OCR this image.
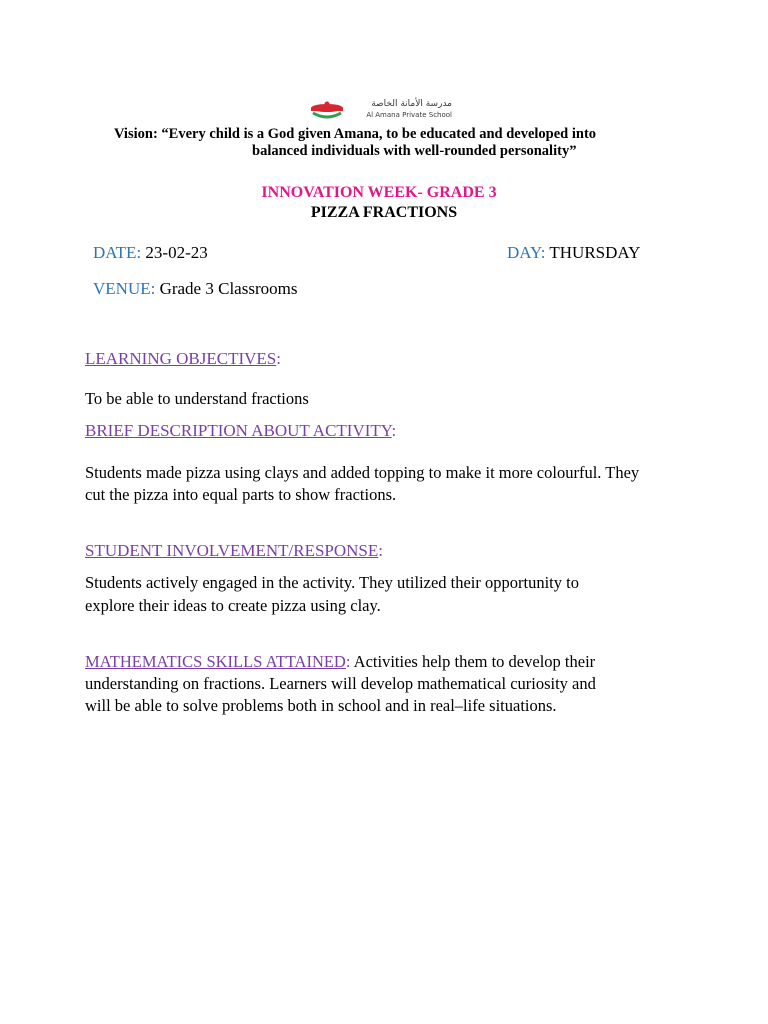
مدرسة الأمانة الخاصة
Al Amana Private School
Vision: “Every child is a God given Amana, to be educated and developed into
balanced individuals with well-rounded personality”
INNOVATION WEEK- GRADE 3
PIZZA FRACTIONS
DATE: 23-02-23	DAY: THURSDAY
VENUE: Grade 3 Classrooms
LEARNING OBJECTIVES:
To be able to understand fractions
BRIEF DESCRIPTION ABOUT ACTIVITY:
Students made pizza using clays and added topping to make it more colourful. They
cut the pizza into equal parts to show fractions.
STUDENT INVOLVEMENT/RESPONSE:
Students actively engaged in the activity. They utilized their opportunity to
explore their ideas to create pizza using clay.
MATHEMATICS SKILLS ATTAINED: Activities help them to develop their
understanding on fractions. Learners will develop mathematical curiosity and
will be able to solve problems both in school and in real–life situations.
